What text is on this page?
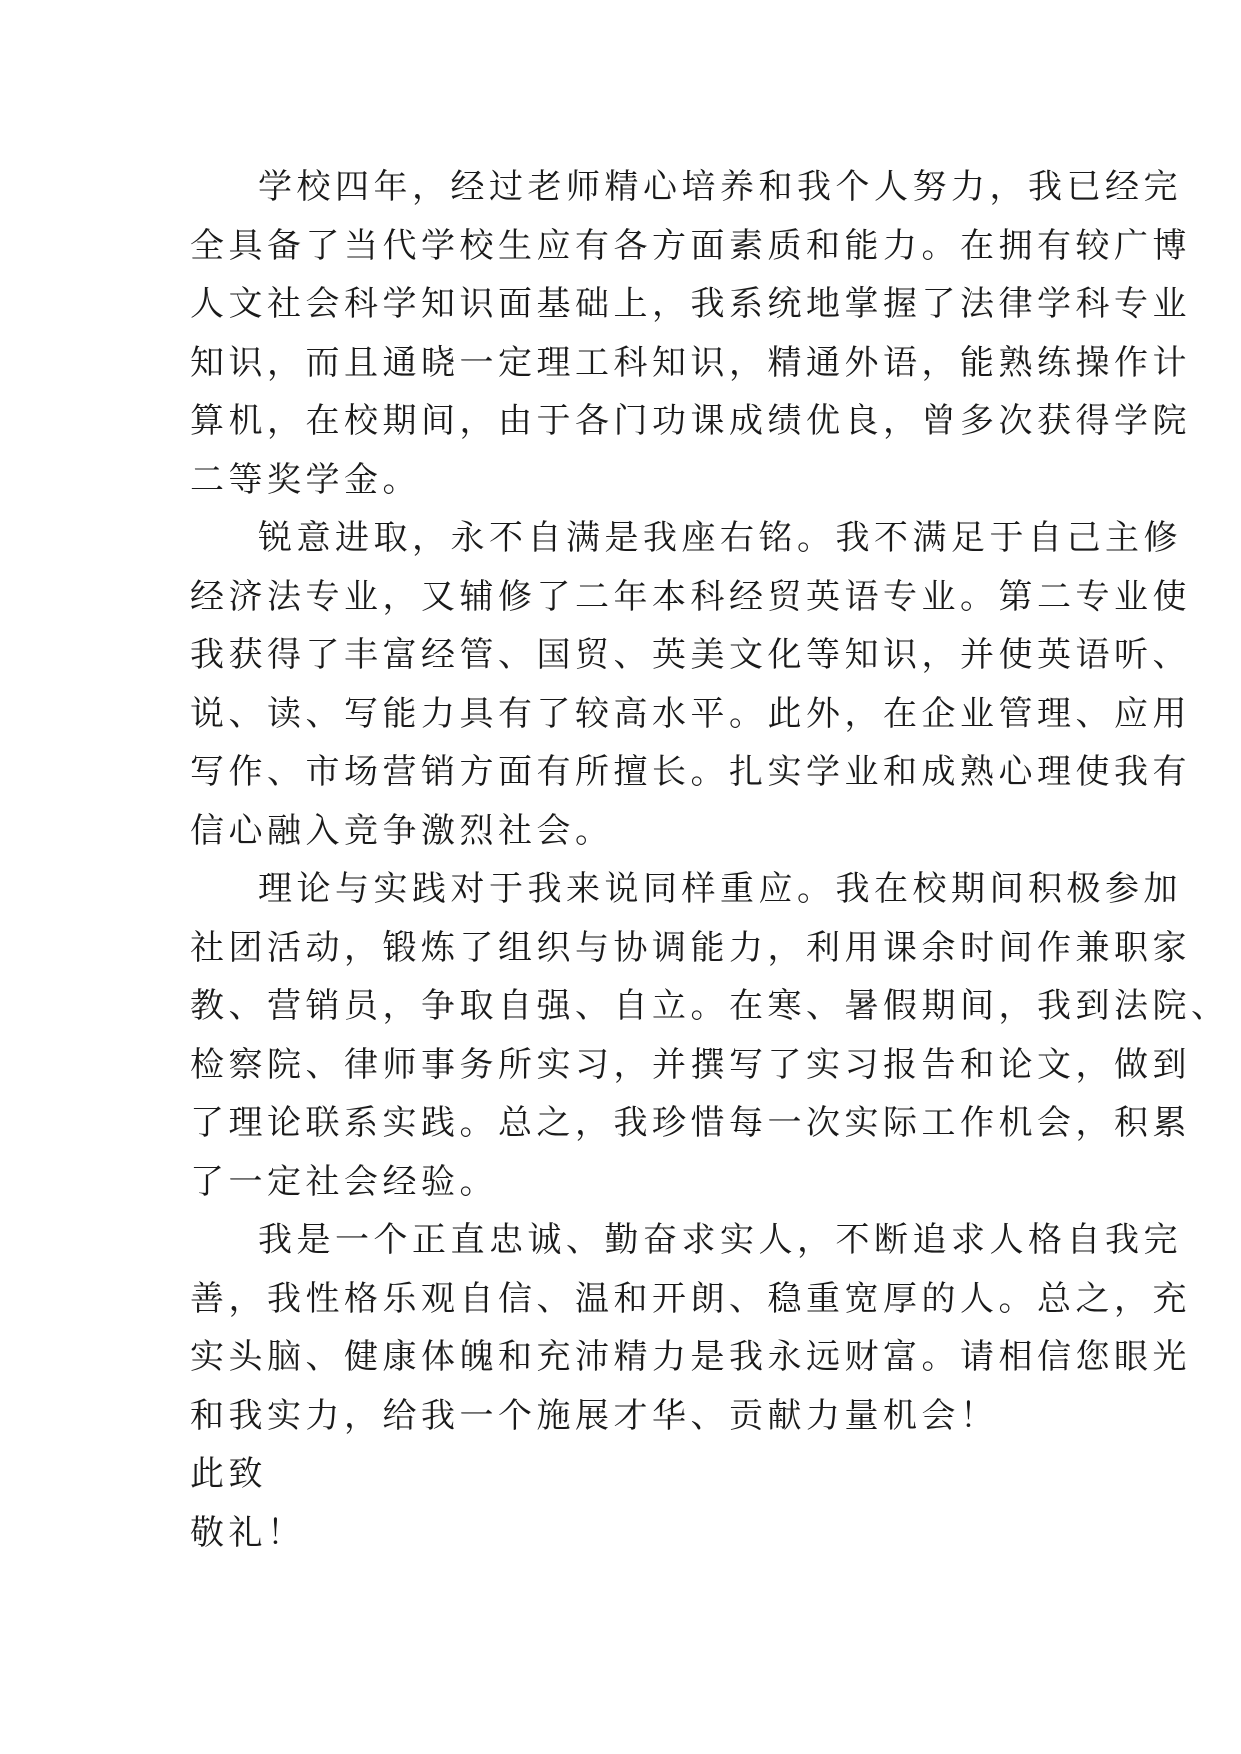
学校四年，经过老师精心培养和我个人努力，我已经完
全具备了当代学校生应有各方面素质和能力。在拥有较广博
人文社会科学知识面基础上，我系统地掌握了法律学科专业
知识，而且通晓一定理工科知识，精通外语，能熟练操作计
算机，在校期间，由于各门功课成绩优良，曾多次获得学院
二等奖学金。
锐意进取，永不自满是我座右铭。我不满足于自己主修
经济法专业，又辅修了二年本科经贸英语专业。第二专业使
我获得了丰富经管、国贸、英美文化等知识，并使英语听、
说、读、写能力具有了较高水平。此外，在企业管理、应用
写作、市场营销方面有所擅长。扎实学业和成熟心理使我有
信心融入竞争激烈社会。
理论与实践对于我来说同样重应。我在校期间积极参加
社团活动，锻炼了组织与协调能力，利用课余时间作兼职家
教、营销员，争取自强、自立。在寒、暑假期间，我到法院、
检察院、律师事务所实习，并撰写了实习报告和论文，做到
了理论联系实践。总之，我珍惜每一次实际工作机会，积累
了一定社会经验。
我是一个正直忠诚、勤奋求实人，不断追求人格自我完
善，我性格乐观自信、温和开朗、稳重宽厚的人。总之，充
实头脑、健康体魄和充沛精力是我永远财富。请相信您眼光
和我实力，给我一个施展才华、贡献力量机会！
此致
敬礼！
